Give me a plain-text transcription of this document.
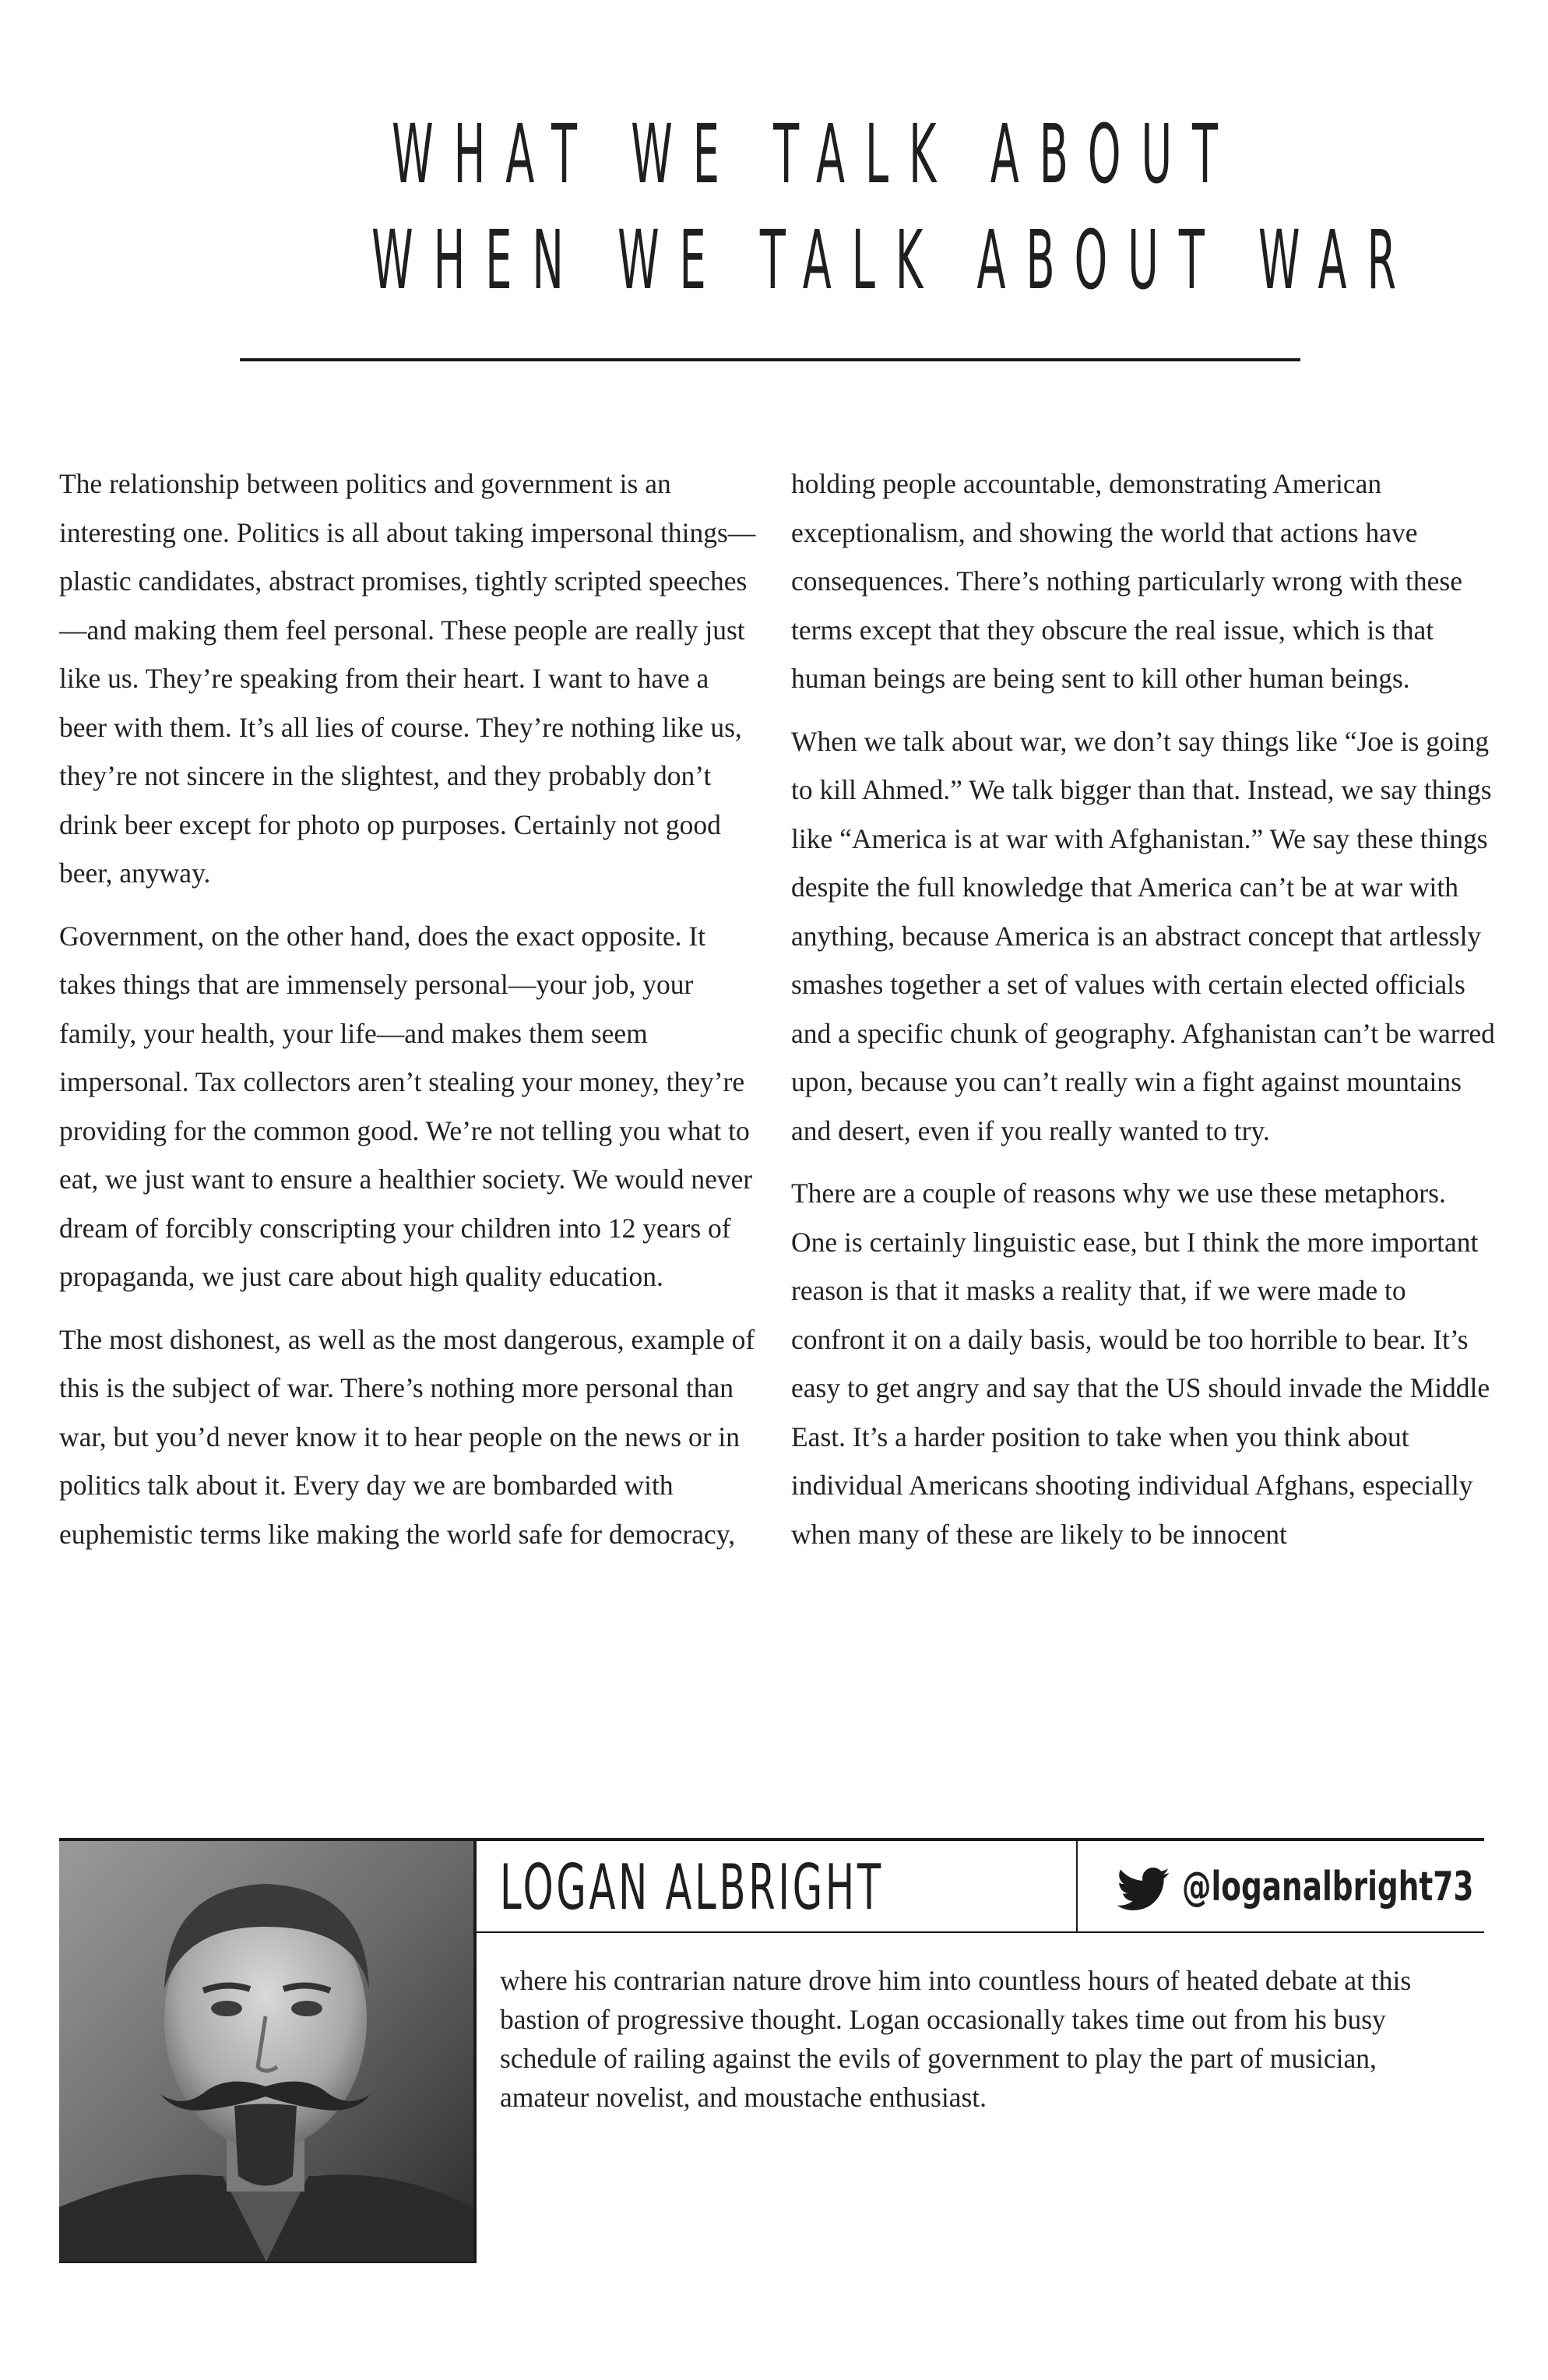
WHAT WE TALK ABOUT
WHEN WE TALK ABOUT WAR

The relationship between politics and government is an interesting one. Politics is all about taking impersonal things—plastic candidates, abstract promises, tightly scripted speeches—and making them feel personal. These people are really just like us. They’re speaking from their heart. I want to have a beer with them. It’s all lies of course. They’re nothing like us, they’re not sincere in the slightest, and they probably don’t drink beer except for photo op purposes. Certainly not good beer, anyway.

Government, on the other hand, does the exact opposite. It takes things that are immensely personal—your job, your family, your health, your life—and makes them seem impersonal. Tax collectors aren’t stealing your money, they’re providing for the common good. We’re not telling you what to eat, we just want to ensure a healthier society. We would never dream of forcibly conscripting your children into 12 years of propaganda, we just care about high quality education.

The most dishonest, as well as the most dangerous, example of this is the subject of war. There’s nothing more personal than war, but you’d never know it to hear people on the news or in politics talk about it. Every day we are bombarded with euphemistic terms like making the world safe for democracy,

holding people accountable, demonstrating American exceptionalism, and showing the world that actions have consequences. There’s nothing particularly wrong with these terms except that they obscure the real issue, which is that human beings are being sent to kill other human beings.

When we talk about war, we don’t say things like “Joe is going to kill Ahmed.” We talk bigger than that. Instead, we say things like “America is at war with Afghanistan.” We say these things despite the full knowledge that America can’t be at war with anything, because America is an abstract concept that artlessly smashes together a set of values with certain elected officials and a specific chunk of geography. Afghanistan can’t be warred upon, because you can’t really win a fight against mountains and desert, even if you really wanted to try.

There are a couple of reasons why we use these metaphors. One is certainly linguistic ease, but I think the more important reason is that it masks a reality that, if we were made to confront it on a daily basis, would be too horrible to bear. It’s easy to get angry and say that the US should invade the Middle East. It’s a harder position to take when you think about individual Americans shooting individual Afghans, especially when many of these are likely to be innocent

LOGAN ALBRIGHT	@loganalbright73

where his contrarian nature drove him into countless hours of heated debate at this bastion of progressive thought. Logan occasionally takes time out from his busy schedule of railing against the evils of government to play the part of musician, amateur novelist, and moustache enthusiast.
